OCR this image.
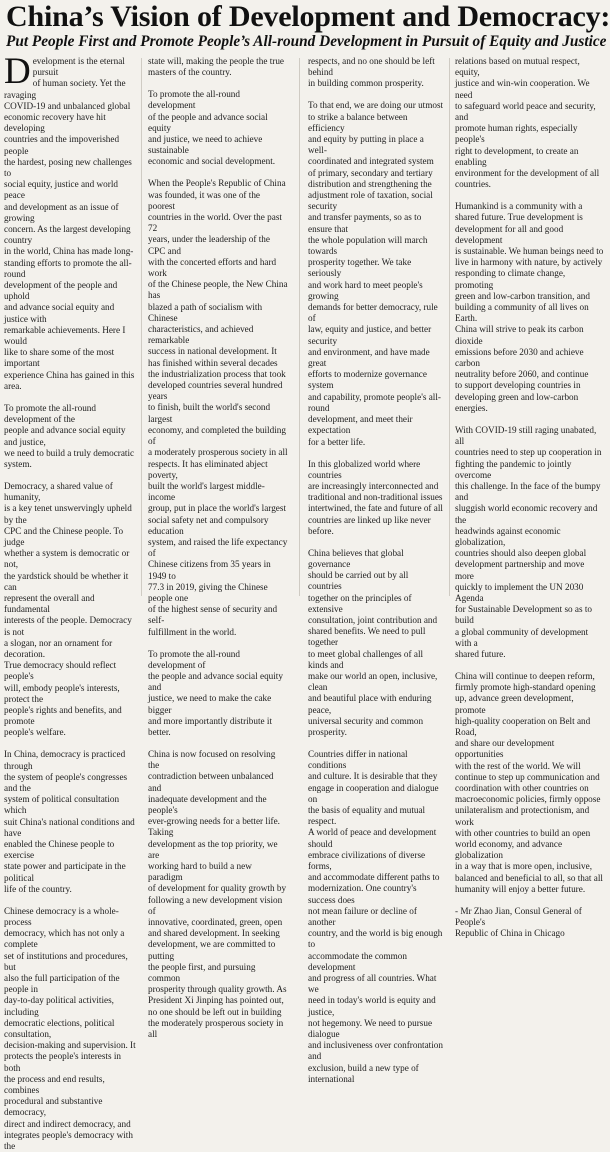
China’s Vision of Development and Democracy:
Put People First and Promote People’s All-round Development in Pursuit of Equity and Justice

Development is the eternal pursuit
of human society. Yet the ravaging
COVID-19 and unbalanced global
economic recovery have hit developing
countries and the impoverished people
the hardest, posing new challenges to
social equity, justice and world peace
and development as an issue of growing
concern. As the largest developing country
in the world, China has made long-
standing efforts to promote the all-round
development of the people and uphold
and advance social equity and justice with
remarkable achievements. Here I would
like to share some of the most important
experience China has gained in this area.

To promote the all-round development of the
people and advance social equity and justice,
we need to build a truly democratic system.

Democracy, a shared value of humanity,
is a key tenet unswervingly upheld by the
CPC and the Chinese people. To judge
whether a system is democratic or not,
the yardstick should be whether it can
represent the overall and fundamental
interests of the people. Democracy is not
a slogan, nor an ornament for decoration.
True democracy should reflect people's
will, embody people's interests, protect the
people's rights and benefits, and promote
people's welfare.

In China, democracy is practiced through
the system of people's congresses and the
system of political consultation which
suit China's national conditions and have
enabled the Chinese people to exercise
state power and participate in the political
life of the country.

Chinese democracy is a whole-process
democracy, which has not only a complete
set of institutions and procedures, but
also the full participation of the people in
day-to-day political activities, including
democratic elections, political consultation,
decision-making and supervision. It
protects the people's interests in both
the process and end results, combines
procedural and substantive democracy,
direct and indirect democracy, and
integrates people's democracy with the

state will, making the people the true
masters of the country.

To promote the all-round development
of the people and advance social equity
and justice, we need to achieve sustainable
economic and social development.

When the People's Republic of China
was founded, it was one of the poorest
countries in the world. Over the past 72
years, under the leadership of the CPC and
with the concerted efforts and hard work
of the Chinese people, the New China has
blazed a path of socialism with Chinese
characteristics, and achieved remarkable
success in national development. It
has finished within several decades
the industrialization process that took
developed countries several hundred years
to finish, built the world's second largest
economy, and completed the building of
a moderately prosperous society in all
respects. It has eliminated abject poverty,
built the world's largest middle-income
group, put in place the world's largest
social safety net and compulsory education
system, and raised the life expectancy of
Chinese citizens from 35 years in 1949 to
77.3 in 2019, giving the Chinese people one
of the highest sense of security and self-
fulfillment in the world.

To promote the all-round development of
the people and advance social equity and
justice, we need to make the cake bigger
and more importantly distribute it better.

China is now focused on resolving the
contradiction between unbalanced and
inadequate development and the people's
ever-growing needs for a better life. Taking
development as the top priority, we are
working hard to build a new paradigm
of development for quality growth by
following a new development vision of
innovative, coordinated, green, open
and shared development. In seeking
development, we are committed to putting
the people first, and pursuing common
prosperity through quality growth. As
President Xi Jinping has pointed out,
no one should be left out in building
the moderately prosperous society in all

respects, and no one should be left behind
in building common prosperity.

To that end, we are doing our utmost
to strike a balance between efficiency
and equity by putting in place a well-
coordinated and integrated system
of primary, secondary and tertiary
distribution and strengthening the
adjustment role of taxation, social security
and transfer payments, so as to ensure that
the whole population will march towards
prosperity together. We take seriously
and work hard to meet people's growing
demands for better democracy, rule of
law, equity and justice, and better security
and environment, and have made great
efforts to modernize governance system
and capability, promote people's all-round
development, and meet their expectation
for a better life.

In this globalized world where countries
are increasingly interconnected and
traditional and non-traditional issues
intertwined, the fate and future of all
countries are linked up like never before.

China believes that global governance
should be carried out by all countries
together on the principles of extensive
consultation, joint contribution and
shared benefits. We need to pull together
to meet global challenges of all kinds and
make our world an open, inclusive, clean
and beautiful place with enduring peace,
universal security and common prosperity.

Countries differ in national conditions
and culture. It is desirable that they
engage in cooperation and dialogue on
the basis of equality and mutual respect.
A world of peace and development should
embrace civilizations of diverse forms,
and accommodate different paths to
modernization. One country's success does
not mean failure or decline of another
country, and the world is big enough to
accommodate the common development
and progress of all countries. What we
need in today's world is equity and justice,
not hegemony. We need to pursue dialogue
and inclusiveness over confrontation and
exclusion, build a new type of international

relations based on mutual respect, equity,
justice and win-win cooperation. We need
to safeguard world peace and security, and
promote human rights, especially people's
right to development, to create an enabling
environment for the development of all
countries.

Humankind is a community with a
shared future. True development is
development for all and good development
is sustainable. We human beings need to
live in harmony with nature, by actively
responding to climate change, promoting
green and low-carbon transition, and
building a community of all lives on Earth.
China will strive to peak its carbon dioxide
emissions before 2030 and achieve carbon
neutrality before 2060, and continue
to support developing countries in
developing green and low-carbon energies.

With COVID-19 still raging unabated, all
countries need to step up cooperation in
fighting the pandemic to jointly overcome
this challenge. In the face of the bumpy and
sluggish world economic recovery and the
headwinds against economic globalization,
countries should also deepen global
development partnership and move more
quickly to implement the UN 2030 Agenda
for Sustainable Development so as to build
a global community of development with a
shared future.

China will continue to deepen reform,
firmly promote high-standard opening
up, advance green development, promote
high-quality cooperation on Belt and Road,
and share our development opportunities
with the rest of the world. We will
continue to step up communication and
coordination with other countries on
macroeconomic policies, firmly oppose
unilateralism and protectionism, and work
with other countries to build an open
world economy, and advance globalization
in a way that is more open, inclusive,
balanced and beneficial to all, so that all
humanity will enjoy a better future.

- Mr Zhao Jian, Consul General of People's
Republic of China in Chicago
